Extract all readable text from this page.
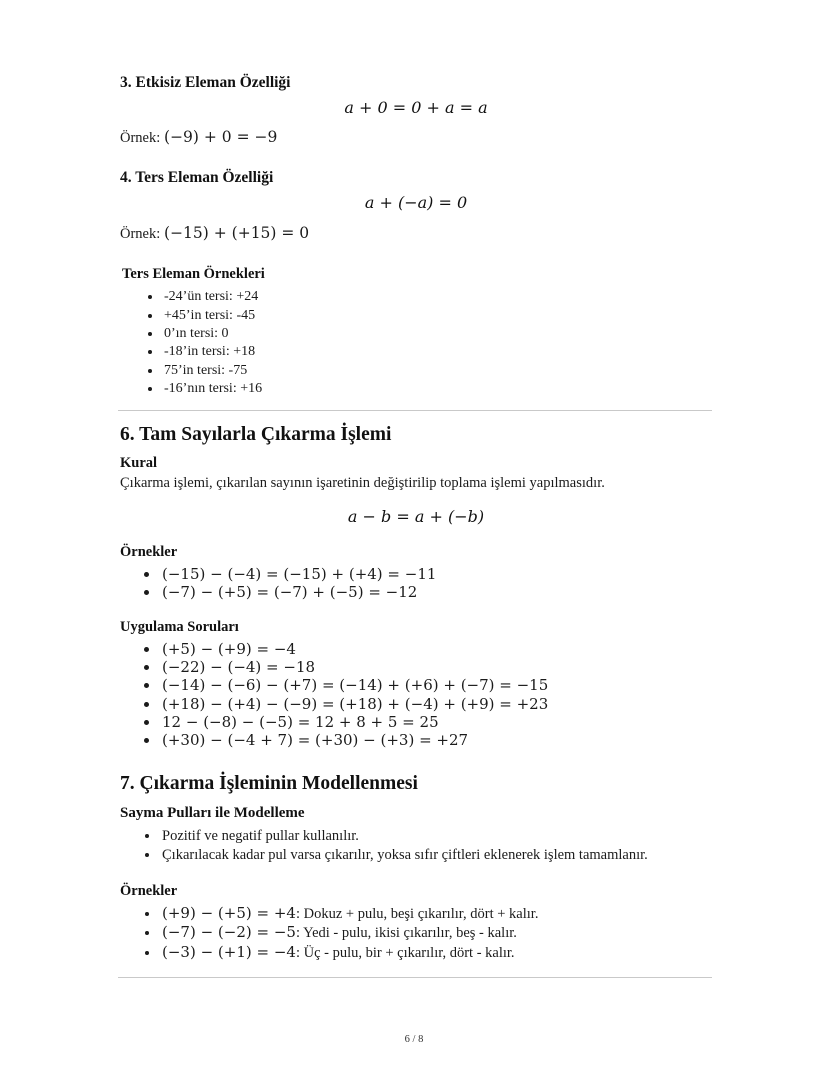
3. Etkisiz Eleman Özelliği
a + 0 = 0 + a = a
Örnek: (−9) + 0 = −9
4. Ters Eleman Özelliği
a + (−a) = 0
Örnek: (−15) + (+15) = 0
Ters Eleman Örnekleri
• -24’ün tersi: +24
• +45’in tersi: -45
• 0’ın tersi: 0
• -18’in tersi: +18
• 75’in tersi: -75
• -16’nın tersi: +16
6. Tam Sayılarla Çıkarma İşlemi
Kural
Çıkarma işlemi, çıkarılan sayının işaretinin değiştirilip toplama işlemi yapılmasıdır.
a − b = a + (−b)
Örnekler
• (−15) − (−4) = (−15) + (+4) = −11
• (−7) − (+5) = (−7) + (−5) = −12
Uygulama Soruları
• (+5) − (+9) = −4
• (−22) − (−4) = −18
• (−14) − (−6) − (+7) = (−14) + (+6) + (−7) = −15
• (+18) − (+4) − (−9) = (+18) + (−4) + (+9) = +23
• 12 − (−8) − (−5) = 12 + 8 + 5 = 25
• (+30) − (−4 + 7) = (+30) − (+3) = +27
7. Çıkarma İşleminin Modellenmesi
Sayma Pulları ile Modelleme
• Pozitif ve negatif pullar kullanılır.
• Çıkarılacak kadar pul varsa çıkarılır, yoksa sıfır çiftleri eklenerek işlem tamamlanır.
Örnekler
• (+9) − (+5) = +4: Dokuz + pulu, beşi çıkarılır, dört + kalır.
• (−7) − (−2) = −5: Yedi - pulu, ikisi çıkarılır, beş - kalır.
• (−3) − (+1) = −4: Üç - pulu, bir + çıkarılır, dört - kalır.
6 / 8
